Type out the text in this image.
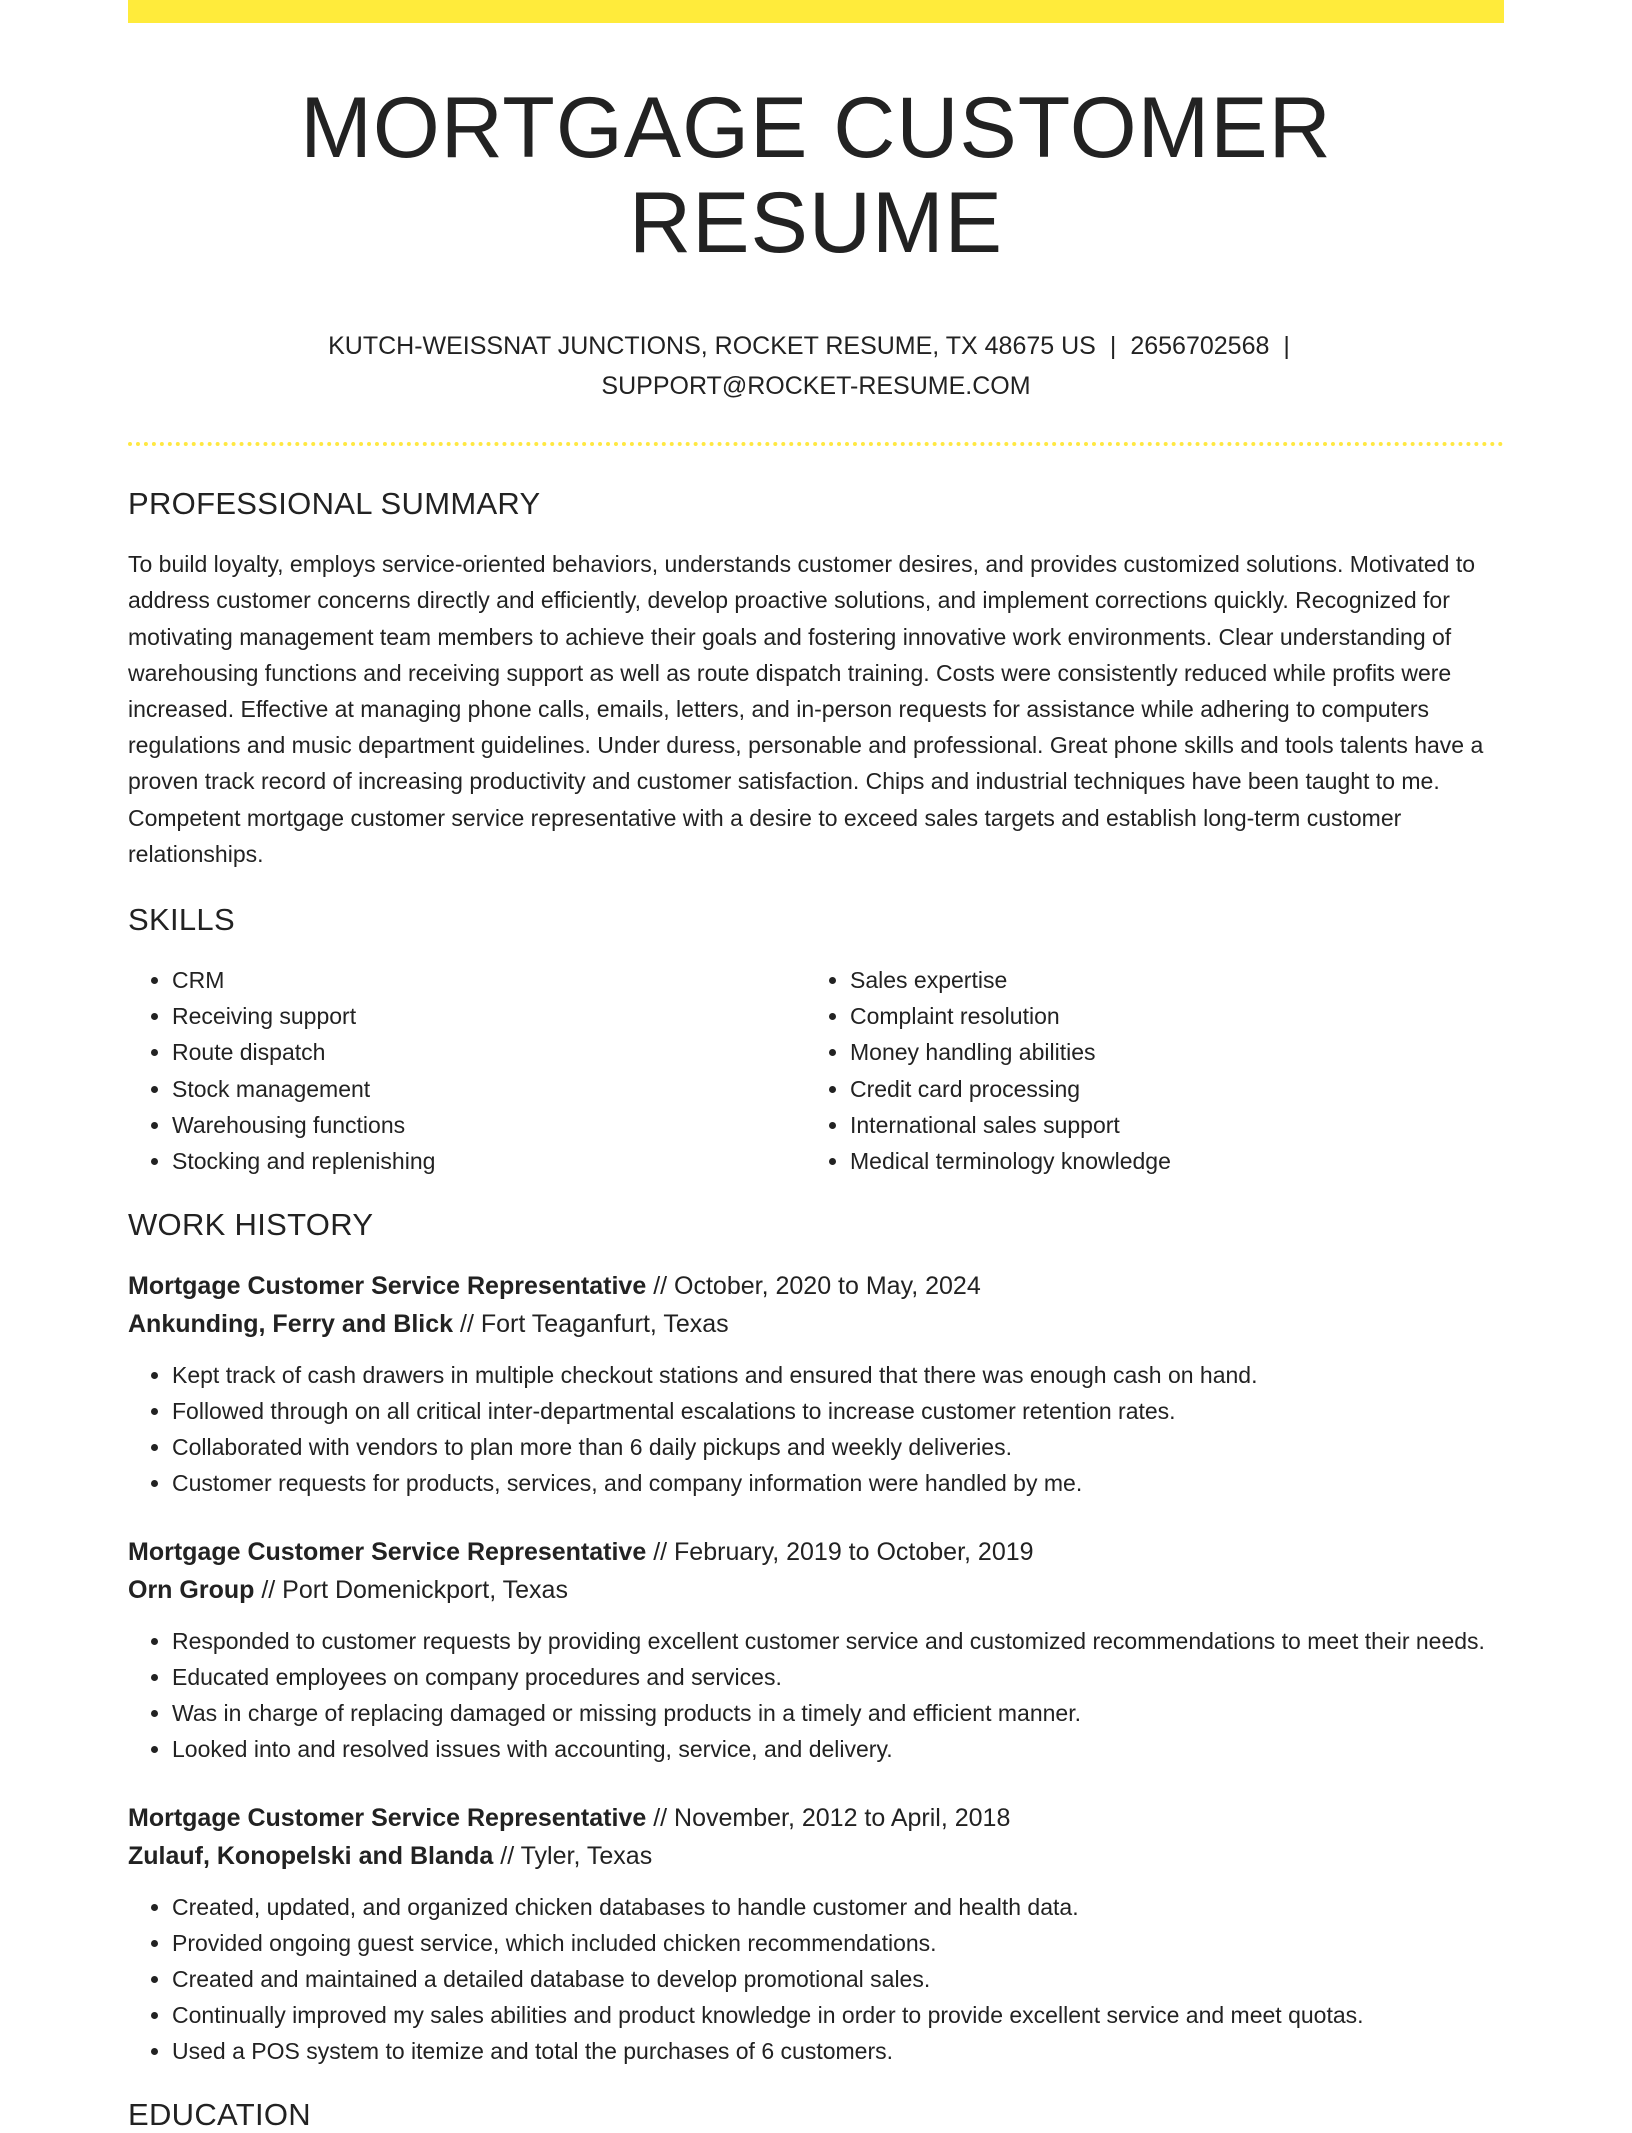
MORTGAGE CUSTOMER RESUME
KUTCH-WEISSNAT JUNCTIONS, ROCKET RESUME, TX 48675 US | 2656702568 |
SUPPORT@ROCKET-RESUME.COM
PROFESSIONAL SUMMARY
To build loyalty, employs service-oriented behaviors, understands customer desires, and provides customized solutions. Motivated to address customer concerns directly and efficiently, develop proactive solutions, and implement corrections quickly. Recognized for motivating management team members to achieve their goals and fostering innovative work environments. Clear understanding of warehousing functions and receiving support as well as route dispatch training. Costs were consistently reduced while profits were increased. Effective at managing phone calls, emails, letters, and in-person requests for assistance while adhering to computers regulations and music department guidelines. Under duress, personable and professional. Great phone skills and tools talents have a proven track record of increasing productivity and customer satisfaction. Chips and industrial techniques have been taught to me. Competent mortgage customer service representative with a desire to exceed sales targets and establish long-term customer relationships.
SKILLS
• CRM
• Receiving support
• Route dispatch
• Stock management
• Warehousing functions
• Stocking and replenishing
• Sales expertise
• Complaint resolution
• Money handling abilities
• Credit card processing
• International sales support
• Medical terminology knowledge
WORK HISTORY
Mortgage Customer Service Representative // October, 2020 to May, 2024
Ankunding, Ferry and Blick // Fort Teaganfurt, Texas
• Kept track of cash drawers in multiple checkout stations and ensured that there was enough cash on hand.
• Followed through on all critical inter-departmental escalations to increase customer retention rates.
• Collaborated with vendors to plan more than 6 daily pickups and weekly deliveries.
• Customer requests for products, services, and company information were handled by me.
Mortgage Customer Service Representative // February, 2019 to October, 2019
Orn Group // Port Domenickport, Texas
• Responded to customer requests by providing excellent customer service and customized recommendations to meet their needs.
• Educated employees on company procedures and services.
• Was in charge of replacing damaged or missing products in a timely and efficient manner.
• Looked into and resolved issues with accounting, service, and delivery.
Mortgage Customer Service Representative // November, 2012 to April, 2018
Zulauf, Konopelski and Blanda // Tyler, Texas
• Created, updated, and organized chicken databases to handle customer and health data.
• Provided ongoing guest service, which included chicken recommendations.
• Created and maintained a detailed database to develop promotional sales.
• Continually improved my sales abilities and product knowledge in order to provide excellent service and meet quotas.
• Used a POS system to itemize and total the purchases of 6 customers.
EDUCATION
